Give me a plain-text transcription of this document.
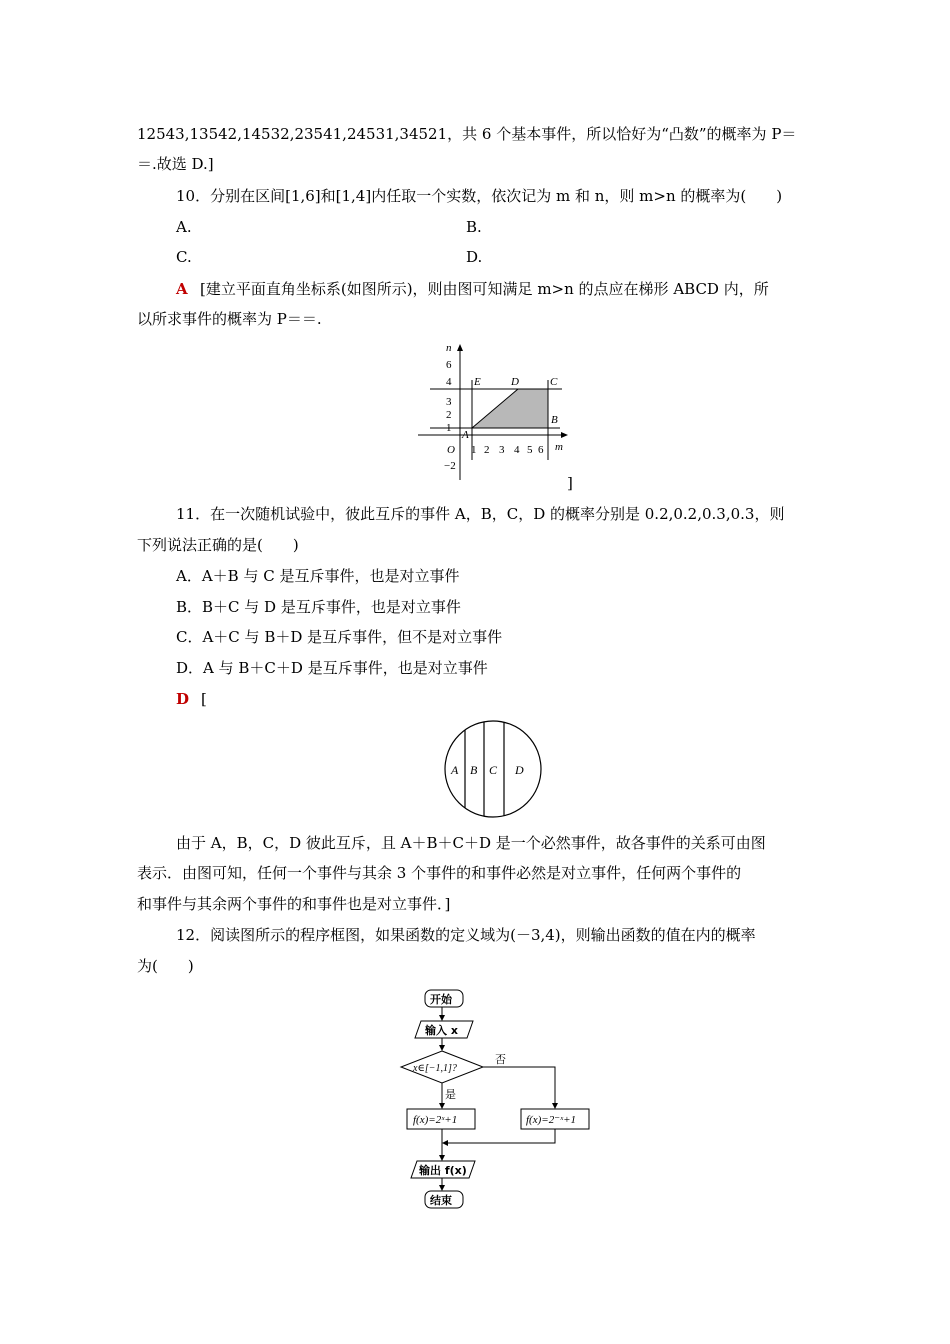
12543,13542,14532,23541,24531,34521，共 6 个基本事件，所以恰好为“凸数”的概率为 P＝
＝.故选 D.]
10．分别在区间[1,6]和[1,4]内任取一个实数，依次记为 m 和 n，则 m>n 的概率为(　　)
A.	B.
C.	D.
A [建立平面直角坐标系(如图所示)，则由图可知满足 m>n 的点应在梯形 ABCD 内，所
以所求事件的概率为 P＝＝.
n
m
6
4
3
2
1
−2
O 1 2 3 4 5 6
A
B
C
D
E
]
11．在一次随机试验中，彼此互斥的事件 A，B，C，D 的概率分别是 0.2,0.2,0.3,0.3，则
下列说法正确的是(　　)
A．A＋B 与 C 是互斥事件，也是对立事件
B．B＋C 与 D 是互斥事件，也是对立事件
C．A＋C 与 B＋D 是互斥事件，但不是对立事件
D．A 与 B＋C＋D 是互斥事件，也是对立事件
D [
A B C D
由于 A，B，C，D 彼此互斥，且 A＋B＋C＋D 是一个必然事件，故各事件的关系可由图
表示．由图可知，任何一个事件与其余 3 个事件的和事件必然是对立事件，任何两个事件的
和事件与其余两个事件的和事件也是对立事件．]
12．阅读图所示的程序框图，如果函数的定义域为(－3,4)，则输出函数的值在内的概率
为(　　)
开始
输入 x
x∈[−1,1]?
否
是
f(x)=2ˣ+1	f(x)=2⁻ˣ+1
输出 f(x)
结束
